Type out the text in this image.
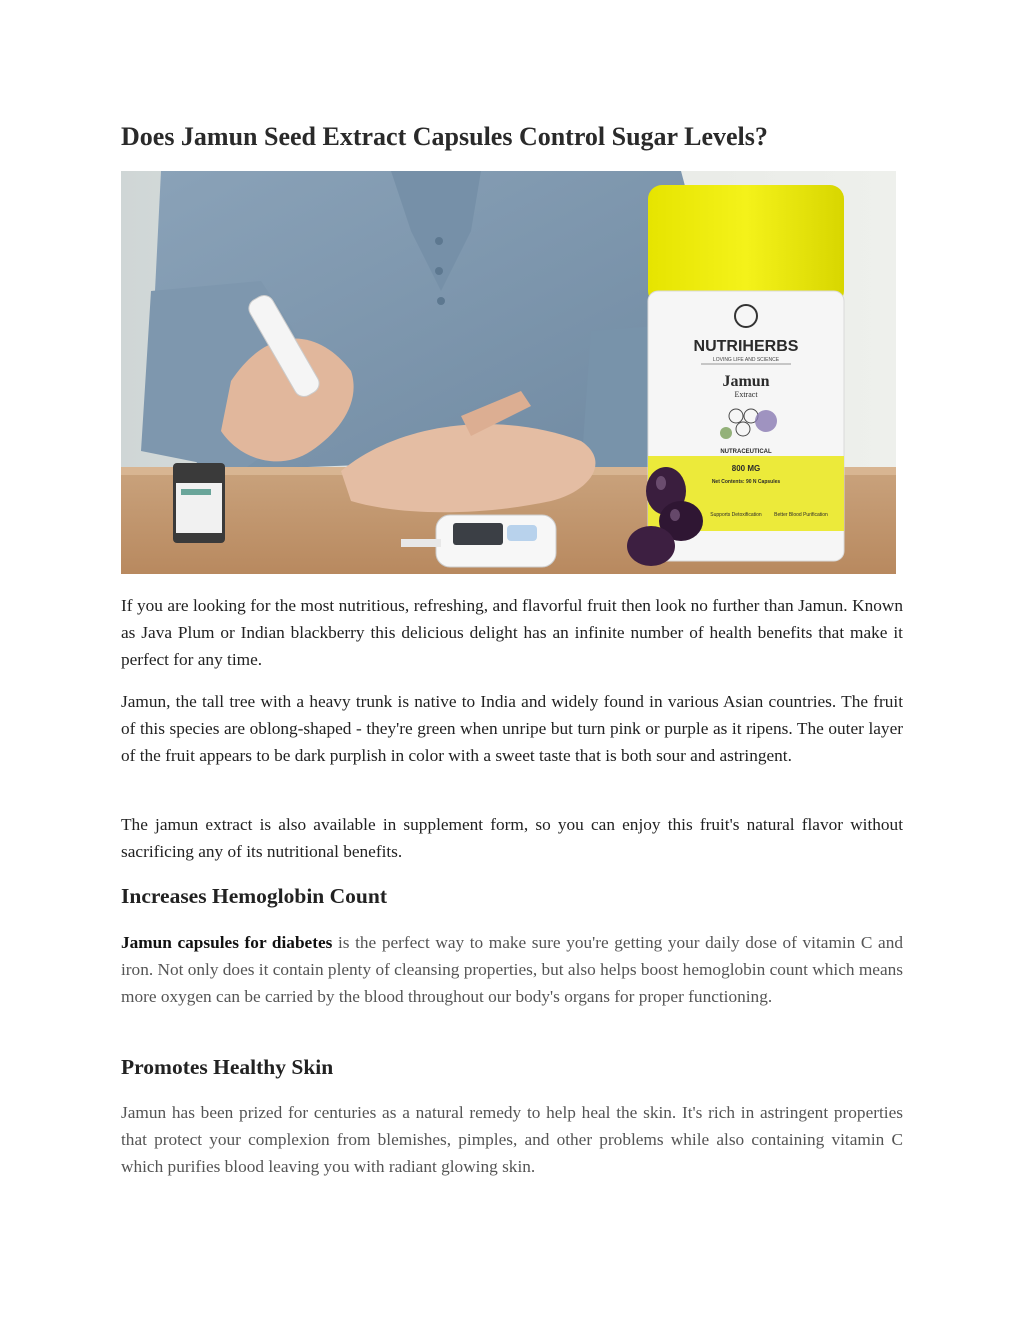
Does Jamun Seed Extract Capsules Control Sugar Levels?
NUTRIHERBS
LOVING LIFE AND SCIENCE
Jamun
Extract
NUTRACEUTICAL
800 MG
Net Contents: 90 N Capsules
Supports Detoxification Better Blood Purification

If you are looking for the most nutritious, refreshing, and flavorful fruit then look no further than Jamun. Known as Java Plum or Indian blackberry this delicious delight has an infinite number of health benefits that make it perfect for any time.

Jamun, the tall tree with a heavy trunk is native to India and widely found in various Asian countries. The fruit of this species are oblong-shaped - they're green when unripe but turn pink or purple as it ripens. The outer layer of the fruit appears to be dark purplish in color with a sweet taste that is both sour and astringent.

The jamun extract is also available in supplement form, so you can enjoy this fruit's natural flavor without sacrificing any of its nutritional benefits.

Increases Hemoglobin Count

Jamun capsules for diabetes is the perfect way to make sure you're getting your daily dose of vitamin C and iron. Not only does it contain plenty of cleansing properties, but also helps boost hemoglobin count which means more oxygen can be carried by the blood throughout our body's organs for proper functioning.

Promotes Healthy Skin

Jamun has been prized for centuries as a natural remedy to help heal the skin. It's rich in astringent properties that protect your complexion from blemishes, pimples, and other problems while also containing vitamin C which purifies blood leaving you with radiant glowing skin.
